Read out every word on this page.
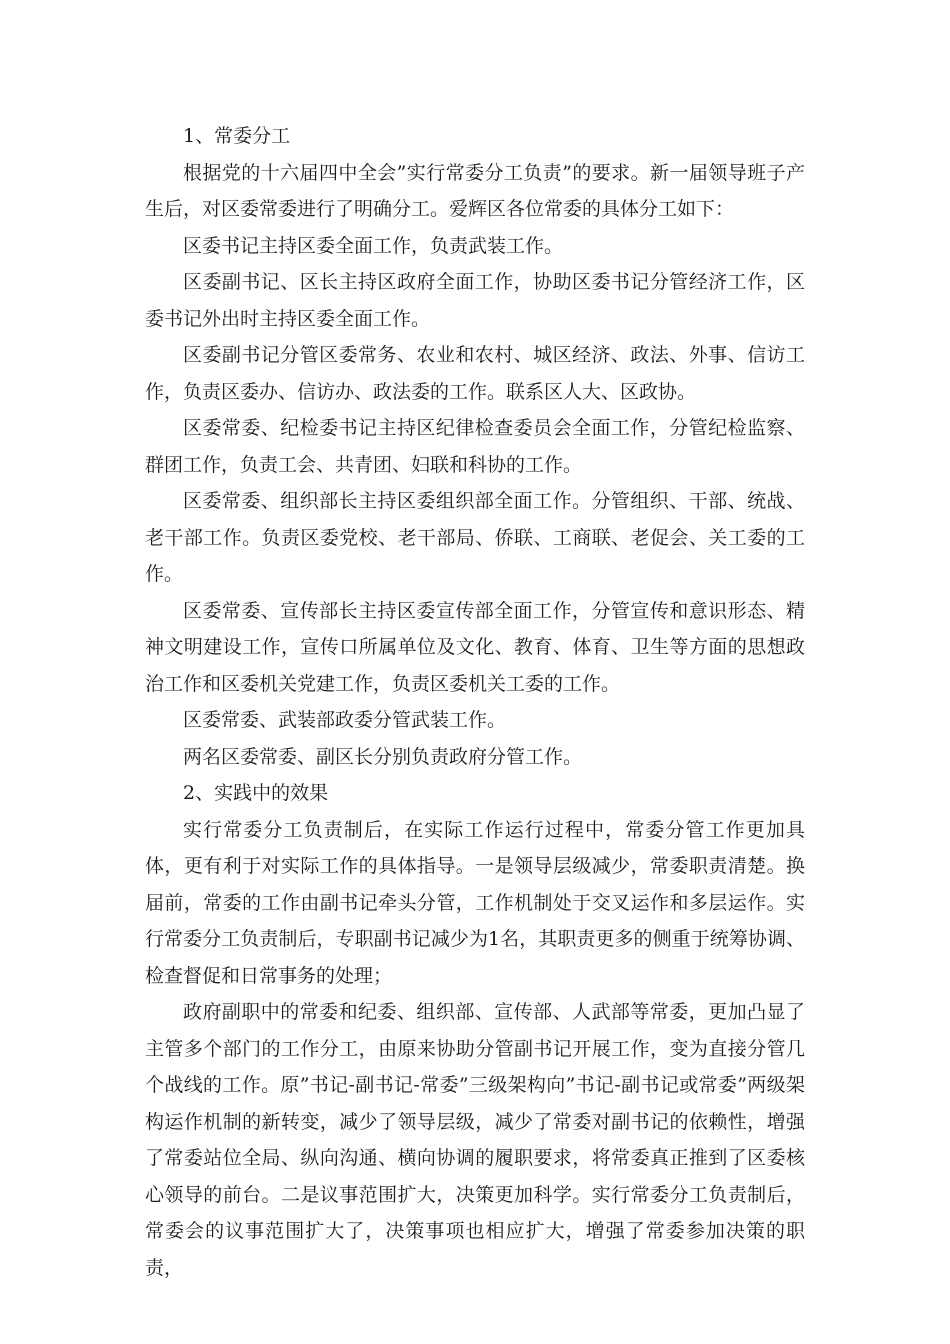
1、常委分工

根据党的十六届四中全会”实行常委分工负责”的要求。新一届领导班子产生后，对区委常委进行了明确分工。爱辉区各位常委的具体分工如下：

区委书记主持区委全面工作，负责武装工作。

区委副书记、区长主持区政府全面工作，协助区委书记分管经济工作，区委书记外出时主持区委全面工作。

区委副书记分管区委常务、农业和农村、城区经济、政法、外事、信访工作，负责区委办、信访办、政法委的工作。联系区人大、区政协。

区委常委、纪检委书记主持区纪律检查委员会全面工作，分管纪检监察、群团工作，负责工会、共青团、妇联和科协的工作。

区委常委、组织部长主持区委组织部全面工作。分管组织、干部、统战、老干部工作。负责区委党校、老干部局、侨联、工商联、老促会、关工委的工作。

区委常委、宣传部长主持区委宣传部全面工作，分管宣传和意识形态、精神文明建设工作，宣传口所属单位及文化、教育、体育、卫生等方面的思想政治工作和区委机关党建工作，负责区委机关工委的工作。

区委常委、武装部政委分管武装工作。

两名区委常委、副区长分别负责政府分管工作。

2、实践中的效果

实行常委分工负责制后，在实际工作运行过程中，常委分管工作更加具体，更有利于对实际工作的具体指导。一是领导层级减少，常委职责清楚。换届前，常委的工作由副书记牵头分管，工作机制处于交叉运作和多层运作。实行常委分工负责制后，专职副书记减少为1名，其职责更多的侧重于统筹协调、检查督促和日常事务的处理；

政府副职中的常委和纪委、组织部、宣传部、人武部等常委，更加凸显了主管多个部门的工作分工，由原来协助分管副书记开展工作，变为直接分管几个战线的工作。原”书记-副书记-常委”三级架构向”书记-副书记或常委”两级架构运作机制的新转变，减少了领导层级，减少了常委对副书记的依赖性，增强了常委站位全局、纵向沟通、横向协调的履职要求，将常委真正推到了区委核心领导的前台。二是议事范围扩大，决策更加科学。实行常委分工负责制后，常委会的议事范围扩大了，决策事项也相应扩大，增强了常委参加决策的职责，
